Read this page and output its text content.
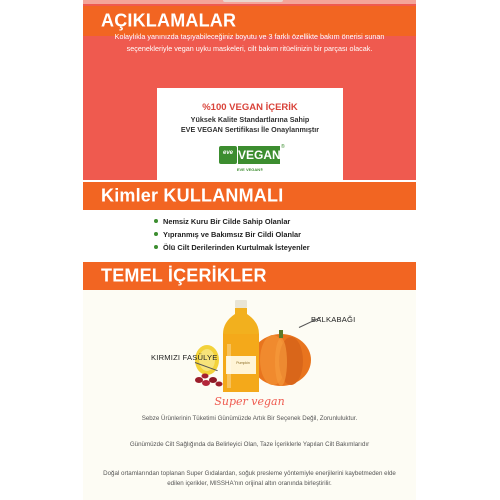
AÇIKLAMALAR

Kolaylıkla yanınızda taşıyabileceğiniz boyutu ve 3 farklı özellikte bakım önerisi sunan seçenekleriyle vegan uyku maskeleri, cilt bakım ritüelinizin bir parçası olacak.

%100 VEGAN İÇERİK
Yüksek Kalite Standartlarına Sahip
EVE VEGAN Sertifikası İle Onaylanmıştır
eve VEGAN
®
EVE VEGAN®
Kimler KULLANMALI
Nemsiz Kuru Bir Cilde Sahip Olanlar
Yıpranmış ve Bakımsız Bir Cildi Olanlar
Ölü Cilt Derilerinden Kurtulmak İsteyenler
TEMEL İÇERİKLER
Pumpkin
BALKABAĞI
KIRMIZI FASÜLYE
Super vegan

Sebze Ürünlerinin Tüketimi Günümüzde Artık Bir Seçenek Değil, Zorunluluktur.

Günümüzde Cilt Sağlığında da Belirleyici Olan, Taze İçeriklerle Yapılan Cilt Bakımlarıdır

Doğal ortamlarından toplanan Super Gıdalardan, soğuk presleme yöntemiyle enerjilerini kaybetmeden elde edilen içerikler, MISSHA'nın orijinal altın oranında birleştirilir.
